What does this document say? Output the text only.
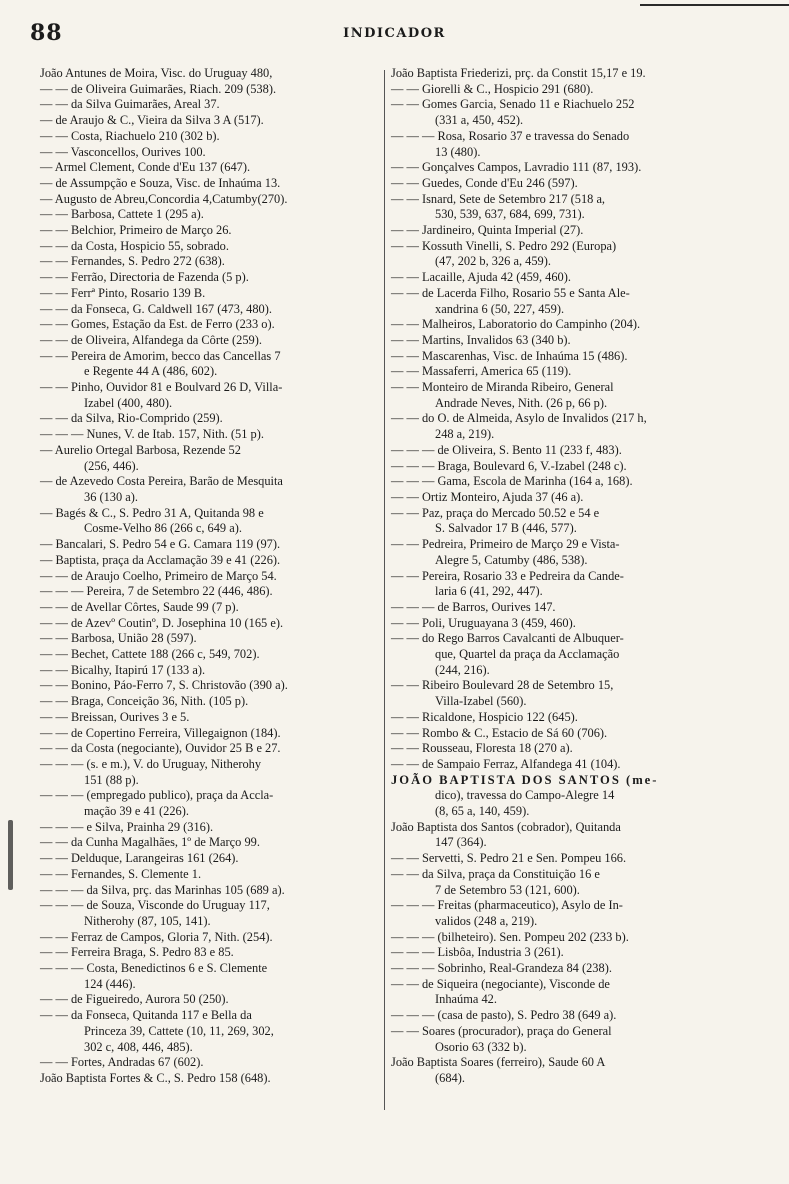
88	INDICADOR
João Antunes de Moira, Visc. do Uruguay 480,
— — de Oliveira Guimarães, Riach. 209 (538).
— — da Silva Guimarães, Areal 37.
— de Araujo & C., Vieira da Silva 3 A (517).
— — Costa, Riachuelo 210 (302 b).
— — Vasconcellos, Ourives 100.
— Armel Clement, Conde d'Eu 137 (647).
— de Assumpção e Souza, Visc. de Inhaúma 13.
— Augusto de Abreu,Concordia 4,Catumby(270).
— — Barbosa, Cattete 1 (295 a).
— — Belchior, Primeiro de Março 26.
— — da Costa, Hospicio 55, sobrado.
— — Fernandes, S. Pedro 272 (638).
— — Ferrão, Directoria de Fazenda (5 p).
— — Ferrª Pinto, Rosario 139 B.
— — da Fonseca, G. Caldwell 167 (473, 480).
— — Gomes, Estação da Est. de Ferro (233 o).
— — de Oliveira, Alfandega da Côrte (259).
— — Pereira de Amorim, becco das Cancellas 7
e Regente 44 A (486, 602).
— — Pinho, Ouvidor 81 e Boulvard 26 D, Villa-
Izabel (400, 480).
— — da Silva, Rio-Comprido (259).
— — — Nunes, V. de Itab. 157, Nith. (51 p).
— Aurelio Ortegal Barbosa, Rezende 52
(256, 446).
— de Azevedo Costa Pereira, Barão de Mesquita
36 (130 a).
— Bagés & C., S. Pedro 31 A, Quitanda 98 e
Cosme-Velho 86 (266 c, 649 a).
— Bancalari, S. Pedro 54 e G. Camara 119 (97).
— Baptista, praça da Acclamação 39 e 41 (226).
— — de Araujo Coelho, Primeiro de Março 54.
— — — Pereira, 7 de Setembro 22 (446, 486).
— — de Avellar Côrtes, Saude 99 (7 p).
— — de Azevº Coutinº, D. Josephina 10 (165 e).
— — Barbosa, União 28 (597).
— — Bechet, Cattete 188 (266 c, 549, 702).
— — Bicalhy, Itapirú 17 (133 a).
— — Bonino, Páo-Ferro 7, S. Christovão (390 a).
— — Braga, Conceição 36, Nith. (105 p).
— — Breissan, Ourives 3 e 5.
— — de Copertino Ferreira, Villegaignon (184).
— — da Costa (negociante), Ouvidor 25 B e 27.
— — — (s. e m.), V. do Uruguay, Nitherohy
151 (88 p).
— — — (empregado publico), praça da Accla-
mação 39 e 41 (226).
— — — e Silva, Prainha 29 (316).
— — da Cunha Magalhães, 1º de Março 99.
— — Delduque, Larangeiras 161 (264).
— — Fernandes, S. Clemente 1.
— — — da Silva, prç. das Marinhas 105 (689 a).
— — — de Souza, Visconde do Uruguay 117,
Nitherohy (87, 105, 141).
— — Ferraz de Campos, Gloria 7, Nith. (254).
— — Ferreira Braga, S. Pedro 83 e 85.
— — — Costa, Benedictinos 6 e S. Clemente
124 (446).
— — de Figueiredo, Aurora 50 (250).
— — da Fonseca, Quitanda 117 e Bella da
Princeza 39, Cattete (10, 11, 269, 302,
302 c, 408, 446, 485).
— — Fortes, Andradas 67 (602).
João Baptista Fortes & C., S. Pedro 158 (648).
João Baptista Friederizi, prç. da Constit 15,17 e 19.
— — Giorelli & C., Hospicio 291 (680).
— — Gomes Garcia, Senado 11 e Riachuelo 252
(331 a, 450, 452).
— — — Rosa, Rosario 37 e travessa do Senado
13 (480).
— — Gonçalves Campos, Lavradio 111 (87, 193).
— — Guedes, Conde d'Eu 246 (597).
— — Isnard, Sete de Setembro 217 (518 a,
530, 539, 637, 684, 699, 731).
— — Jardineiro, Quinta Imperial (27).
— — Kossuth Vinelli, S. Pedro 292 (Europa)
(47, 202 b, 326 a, 459).
— — Lacaille, Ajuda 42 (459, 460).
— — de Lacerda Filho, Rosario 55 e Santa Ale-
xandrina 6 (50, 227, 459).
— — Malheiros, Laboratorio do Campinho (204).
— — Martins, Invalidos 63 (340 b).
— — Mascarenhas, Visc. de Inhaúma 15 (486).
— — Massaferri, America 65 (119).
— — Monteiro de Miranda Ribeiro, General
Andrade Neves, Nith. (26 p, 66 p).
— — do O. de Almeida, Asylo de Invalidos (217 h,
248 a, 219).
— — — de Oliveira, S. Bento 11 (233 f, 483).
— — — Braga, Boulevard 6, V.-Izabel (248 c).
— — — Gama, Escola de Marinha (164 a, 168).
— — Ortiz Monteiro, Ajuda 37 (46 a).
— — Paz, praça do Mercado 50.52 e 54 e
S. Salvador 17 B (446, 577).
— — Pedreira, Primeiro de Março 29 e Vista-
Alegre 5, Catumby (486, 538).
— — Pereira, Rosario 33 e Pedreira da Cande-
laria 6 (41, 292, 447).
— — — de Barros, Ourives 147.
— — Poli, Uruguayana 3 (459, 460).
— — do Rego Barros Cavalcanti de Albuquer-
que, Quartel da praça da Acclamação
(244, 216).
— — Ribeiro Boulevard 28 de Setembro 15,
Villa-Izabel (560).
— — Ricaldone, Hospicio 122 (645).
— — Rombo & C., Estacio de Sá 60 (706).
— — Rousseau, Floresta 18 (270 a).
— — de Sampaio Ferraz, Alfandega 41 (104).
JOÃO BAPTISTA DOS SANTOS (me-
dico), travessa do Campo-Alegre 14
(8, 65 a, 140, 459).
João Baptista dos Santos (cobrador), Quitanda
147 (364).
— — Servetti, S. Pedro 21 e Sen. Pompeu 166.
— — da Silva, praça da Constituição 16 e
7 de Setembro 53 (121, 600).
— — — Freitas (pharmaceutico), Asylo de In-
validos (248 a, 219).
— — — (bilheteiro). Sen. Pompeu 202 (233 b).
— — — Lisbôa, Industria 3 (261).
— — — Sobrinho, Real-Grandeza 84 (238).
— — de Siqueira (negociante), Visconde de
Inhaúma 42.
— — — (casa de pasto), S. Pedro 38 (649 a).
— — Soares (procurador), praça do General
Osorio 63 (332 b).
João Baptista Soares (ferreiro), Saude 60 A
(684).
